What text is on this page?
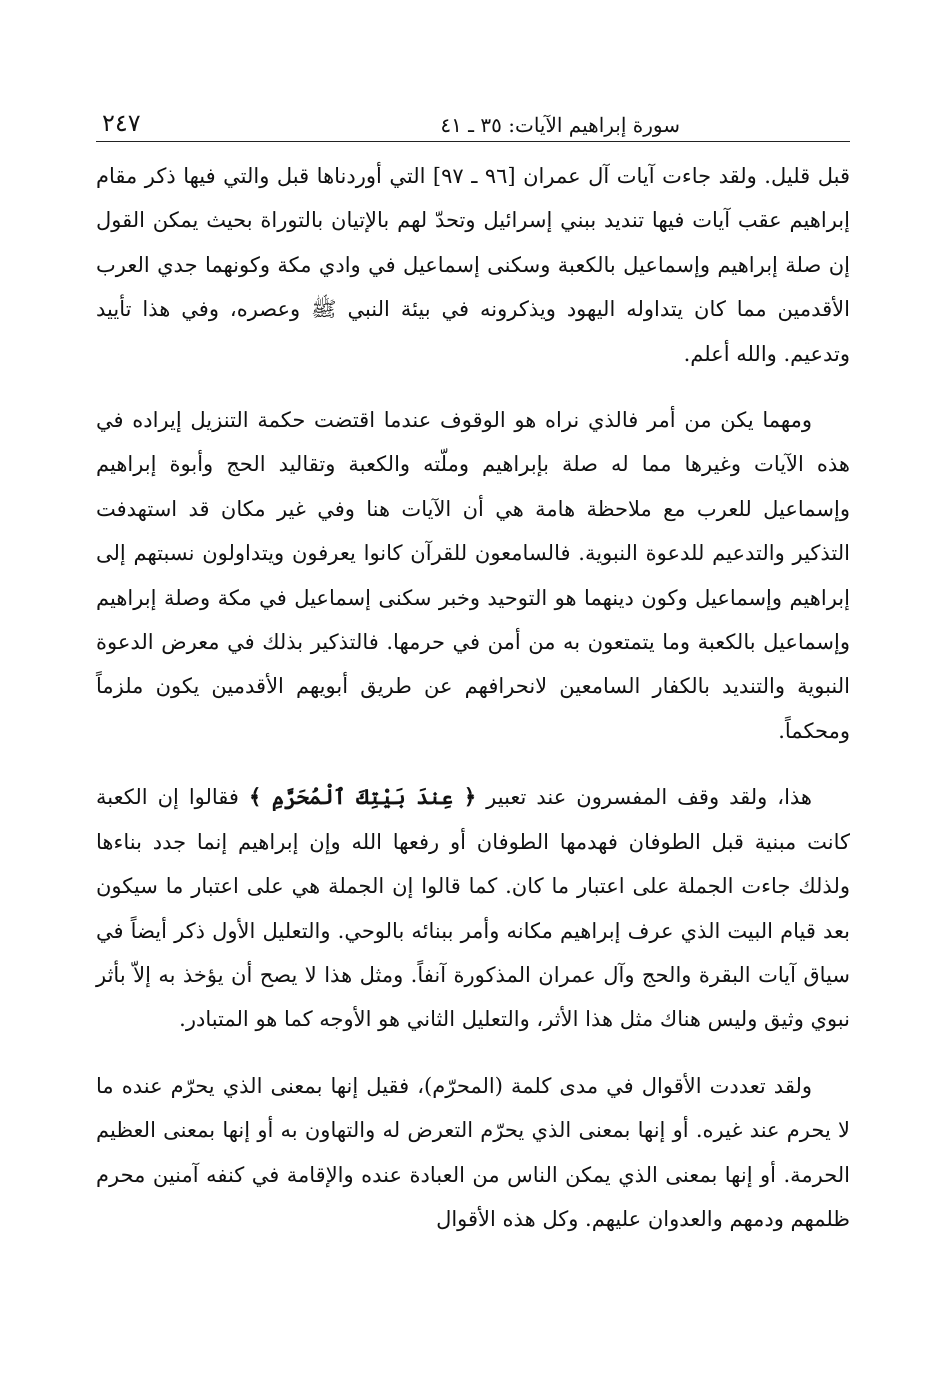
سورة إبراهيم الآيات: ٣٥ ـ ٤١
٢٤٧

قبل قليل. ولقد جاءت آيات آل عمران [٩٦ ـ ٩٧] التي أوردناها قبل والتي فيها ذكر مقام إبراهيم عقب آيات فيها تنديد ببني إسرائيل وتحدّ لهم بالإتيان بالتوراة بحيث يمكن القول إن صلة إبراهيم وإسماعيل بالكعبة وسكنى إسماعيل في وادي مكة وكونهما جدي العرب الأقدمين مما كان يتداوله اليهود ويذكرونه في بيئة النبي ﷺ وعصره، وفي هذا تأييد وتدعيم. والله أعلم.

ومهما يكن من أمر فالذي نراه هو الوقوف عندما اقتضت حكمة التنزيل إيراده في هذه الآيات وغيرها مما له صلة بإبراهيم وملّته والكعبة وتقاليد الحج وأبوة إبراهيم وإسماعيل للعرب مع ملاحظة هامة هي أن الآيات هنا وفي غير مكان قد استهدفت التذكير والتدعيم للدعوة النبوية. فالسامعون للقرآن كانوا يعرفون ويتداولون نسبتهم إلى إبراهيم وإسماعيل وكون دينهما هو التوحيد وخبر سكنى إسماعيل في مكة وصلة إبراهيم وإسماعيل بالكعبة وما يتمتعون به من أمن في حرمها. فالتذكير بذلك في معرض الدعوة النبوية والتنديد بالكفار السامعين لانحرافهم عن طريق أبويهم الأقدمين يكون ملزماً ومحكماً.

هذا، ولقد وقف المفسرون عند تعبير ﴿ عِندَ بَيْتِكَ ٱلْمُحَرَّمِ ﴾ فقالوا إن الكعبة كانت مبنية قبل الطوفان فهدمها الطوفان أو رفعها الله وإن إبراهيم إنما جدد بناءها ولذلك جاءت الجملة على اعتبار ما كان. كما قالوا إن الجملة هي على اعتبار ما سيكون بعد قيام البيت الذي عرف إبراهيم مكانه وأمر ببنائه بالوحي. والتعليل الأول ذكر أيضاً في سياق آيات البقرة والحج وآل عمران المذكورة آنفاً. ومثل هذا لا يصح أن يؤخذ به إلاّ بأثر نبوي وثيق وليس هناك مثل هذا الأثر، والتعليل الثاني هو الأوجه كما هو المتبادر.

ولقد تعددت الأقوال في مدى كلمة (المحرّم)، فقيل إنها بمعنى الذي يحرّم عنده ما لا يحرم عند غيره. أو إنها بمعنى الذي يحرّم التعرض له والتهاون به أو إنها بمعنى العظيم الحرمة. أو إنها بمعنى الذي يمكن الناس من العبادة عنده والإقامة في كنفه آمنين محرم ظلمهم ودمهم والعدوان عليهم. وكل هذه الأقوال
